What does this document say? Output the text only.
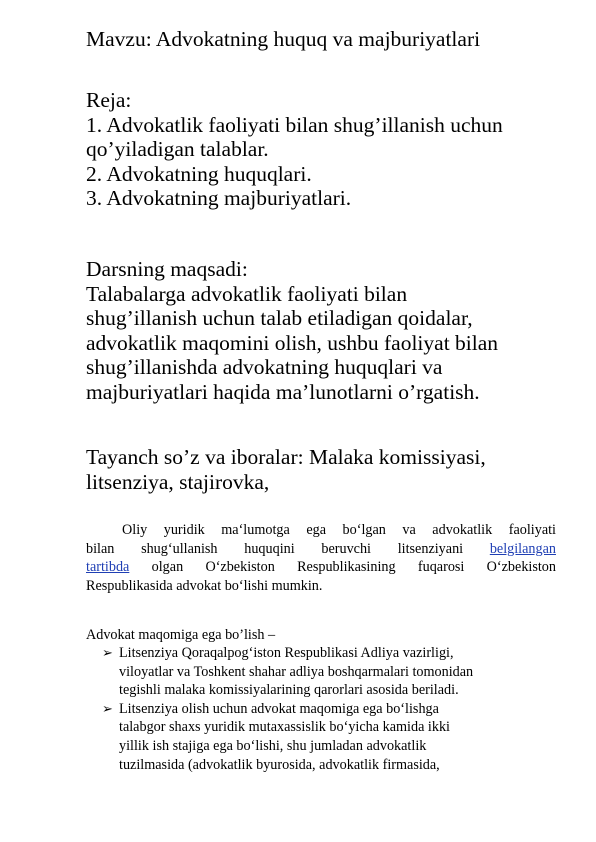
Mavzu: Advokatning huquq va majburiyatlari
Reja:
1. Advokatlik faoliyati bilan shug’illanish uchun
qo’yiladigan talablar.
2. Advokatning huquqlari.
3. Advokatning majburiyatlari.
Darsning maqsadi:
Talabalarga advokatlik faoliyati bilan
shug’illanish uchun talab etiladigan qoidalar,
advokatlik maqomini olish, ushbu faoliyat bilan
shug’illanishda advokatning huquqlari va
majburiyatlari haqida ma’lunotlarni o’rgatish.
Tayanch so’z va iboralar: Malaka komissiyasi,
litsenziya, stajirovka,
Oliy yuridik ma‘lumotga ega bo‘lgan va advokatlik faoliyati
bilan shug‘ullanish huquqini beruvchi litsenziyani belgilangan
tartibda olgan O‘zbekiston Respublikasining fuqarosi O‘zbekiston
Respublikasida advokat bo‘lishi mumkin.
Advokat maqomiga ega bo’lish –
➢ Litsenziya Qoraqalpog‘iston Respublikasi Adliya vazirligi,
viloyatlar va Toshkent shahar adliya boshqarmalari tomonidan
tegishli malaka komissiyalarining qarorlari asosida beriladi.
➢ Litsenziya olish uchun advokat maqomiga ega bo‘lishga
talabgor shaxs yuridik mutaxassislik bo‘yicha kamida ikki
yillik ish stajiga ega bo‘lishi, shu jumladan advokatlik
tuzilmasida (advokatlik byurosida, advokatlik firmasida,
